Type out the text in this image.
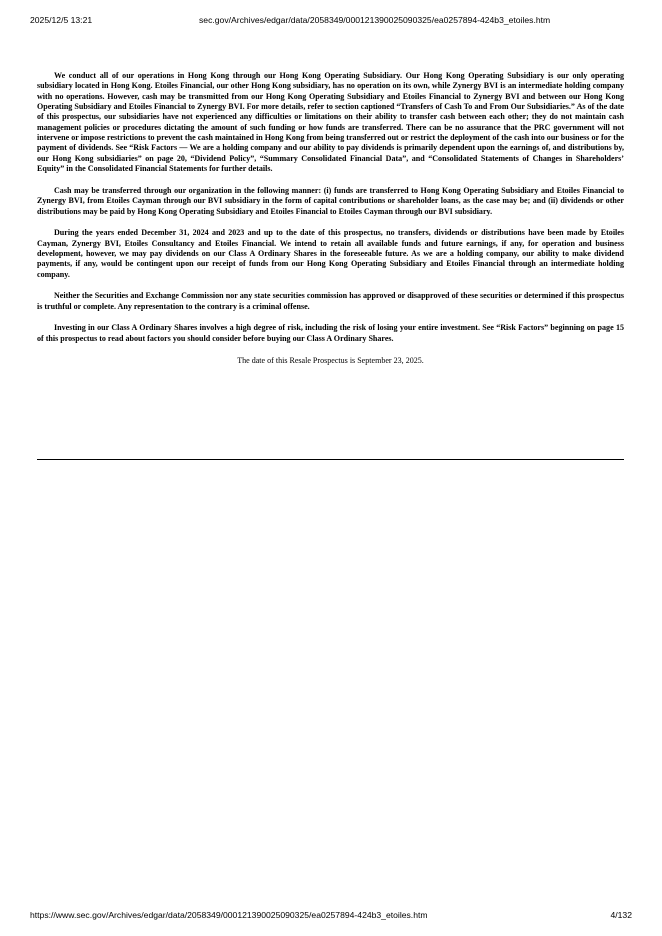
2025/12/5 13:21	sec.gov/Archives/edgar/data/2058349/000121390025090325/ea0257894-424b3_etoiles.htm

We conduct all of our operations in Hong Kong through our Hong Kong Operating Subsidiary. Our Hong Kong Operating Subsidiary is our only operating subsidiary located in Hong Kong. Etoiles Financial, our other Hong Kong subsidiary, has no operation on its own, while Zynergy BVI is an intermediate holding company with no operations. However, cash may be transmitted from our Hong Kong Operating Subsidiary and Etoiles Financial to Zynergy BVI and between our Hong Kong Operating Subsidiary and Etoiles Financial to Zynergy BVI. For more details, refer to section captioned “Transfers of Cash To and From Our Subsidiaries.” As of the date of this prospectus, our subsidiaries have not experienced any difficulties or limitations on their ability to transfer cash between each other; they do not maintain cash management policies or procedures dictating the amount of such funding or how funds are transferred. There can be no assurance that the PRC government will not intervene or impose restrictions to prevent the cash maintained in Hong Kong from being transferred out or restrict the deployment of the cash into our business or for the payment of dividends. See “Risk Factors — We are a holding company and our ability to pay dividends is primarily dependent upon the earnings of, and distributions by, our Hong Kong subsidiaries” on page 20, “Dividend Policy”, “Summary Consolidated Financial Data”, and “Consolidated Statements of Changes in Shareholders’ Equity” in the Consolidated Financial Statements for further details.

Cash may be transferred through our organization in the following manner: (i) funds are transferred to Hong Kong Operating Subsidiary and Etoiles Financial to Zynergy BVI, from Etoiles Cayman through our BVI subsidiary in the form of capital contributions or shareholder loans, as the case may be; and (ii) dividends or other distributions may be paid by Hong Kong Operating Subsidiary and Etoiles Financial to Etoiles Cayman through our BVI subsidiary.

During the years ended December 31, 2024 and 2023 and up to the date of this prospectus, no transfers, dividends or distributions have been made by Etoiles Cayman, Zynergy BVI, Etoiles Consultancy and Etoiles Financial. We intend to retain all available funds and future earnings, if any, for operation and business development, however, we may pay dividends on our Class A Ordinary Shares in the foreseeable future. As we are a holding company, our ability to make dividend payments, if any, would be contingent upon our receipt of funds from our Hong Kong Operating Subsidiary and Etoiles Financial through an intermediate holding company.

Neither the Securities and Exchange Commission nor any state securities commission has approved or disapproved of these securities or determined if this prospectus is truthful or complete. Any representation to the contrary is a criminal offense.

Investing in our Class A Ordinary Shares involves a high degree of risk, including the risk of losing your entire investment. See “Risk Factors” beginning on page 15 of this prospectus to read about factors you should consider before buying our Class A Ordinary Shares.

The date of this Resale Prospectus is September 23, 2025.

https://www.sec.gov/Archives/edgar/data/2058349/000121390025090325/ea0257894-424b3_etoiles.htm	4/132
